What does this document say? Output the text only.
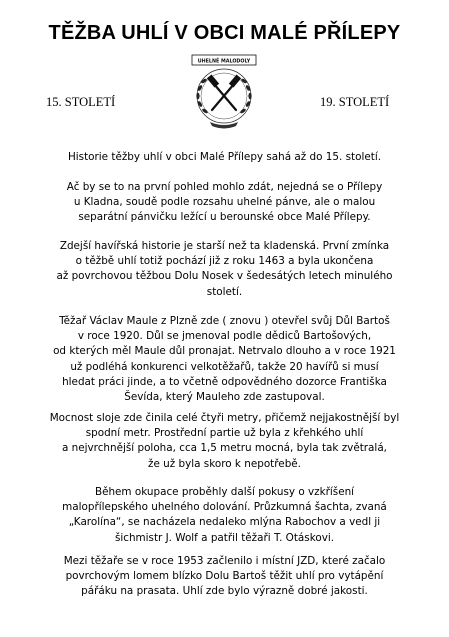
TĚŽBA UHLÍ V OBCI MALÉ PŘÍLEPY
15. STOLETÍ	19. STOLETÍ
UHELNÉ MALODOLY
Historie těžby uhlí v obci Malé Přílepy sahá až do 15. století.
Ač by se to na první pohled mohlo zdát, nejedná se o Přílepy
u Kladna, soudě podle rozsahu uhelné pánve, ale o malou
separátní pánvičku ležící u berounské obce Malé Přílepy.
Zdejší havířská historie je starší než ta kladenská. První zmínka
o těžbě uhlí totiž pochází již z roku 1463 a byla ukončena
až povrchovou těžbou Dolu Nosek v šedesátých letech minulého
století.
Těžař Václav Maule z Plzně zde ( znovu ) otevřel svůj Důl Bartoš
v roce 1920. Důl se jmenoval podle dědiců Bartošových,
od kterých měl Maule důl pronajat. Netrvalo dlouho a v roce 1921
už podléhá konkurenci velkotěžařů, takže 20 havířů si musí
hledat práci jinde, a to včetně odpovědného dozorce Františka
Ševída, který Mauleho zde zastupoval.
Mocnost sloje zde činila celé čtyři metry, přičemž nejjakostnější byl
spodní metr. Prostřední partie už byla z křehkého uhlí
a nejvrchnější poloha, cca 1,5 metru mocná, byla tak zvětralá,
že už byla skoro k nepotřebě.
Během okupace proběhly další pokusy o vzkříšení
malopřílepského uhelného dolování. Průzkumná šachta, zvaná
„Karolína“, se nacházela nedaleko mlýna Rabochov a vedl ji
šichmistr J. Wolf a patřil těžaři T. Otáskovi.
Mezi těžaře se v roce 1953 začlenilo i místní JZD, které začalo
povrchovým lomem blízko Dolu Bartoš těžit uhlí pro vytápění
pářáku na prasata. Uhlí zde bylo výrazně dobré jakosti.
